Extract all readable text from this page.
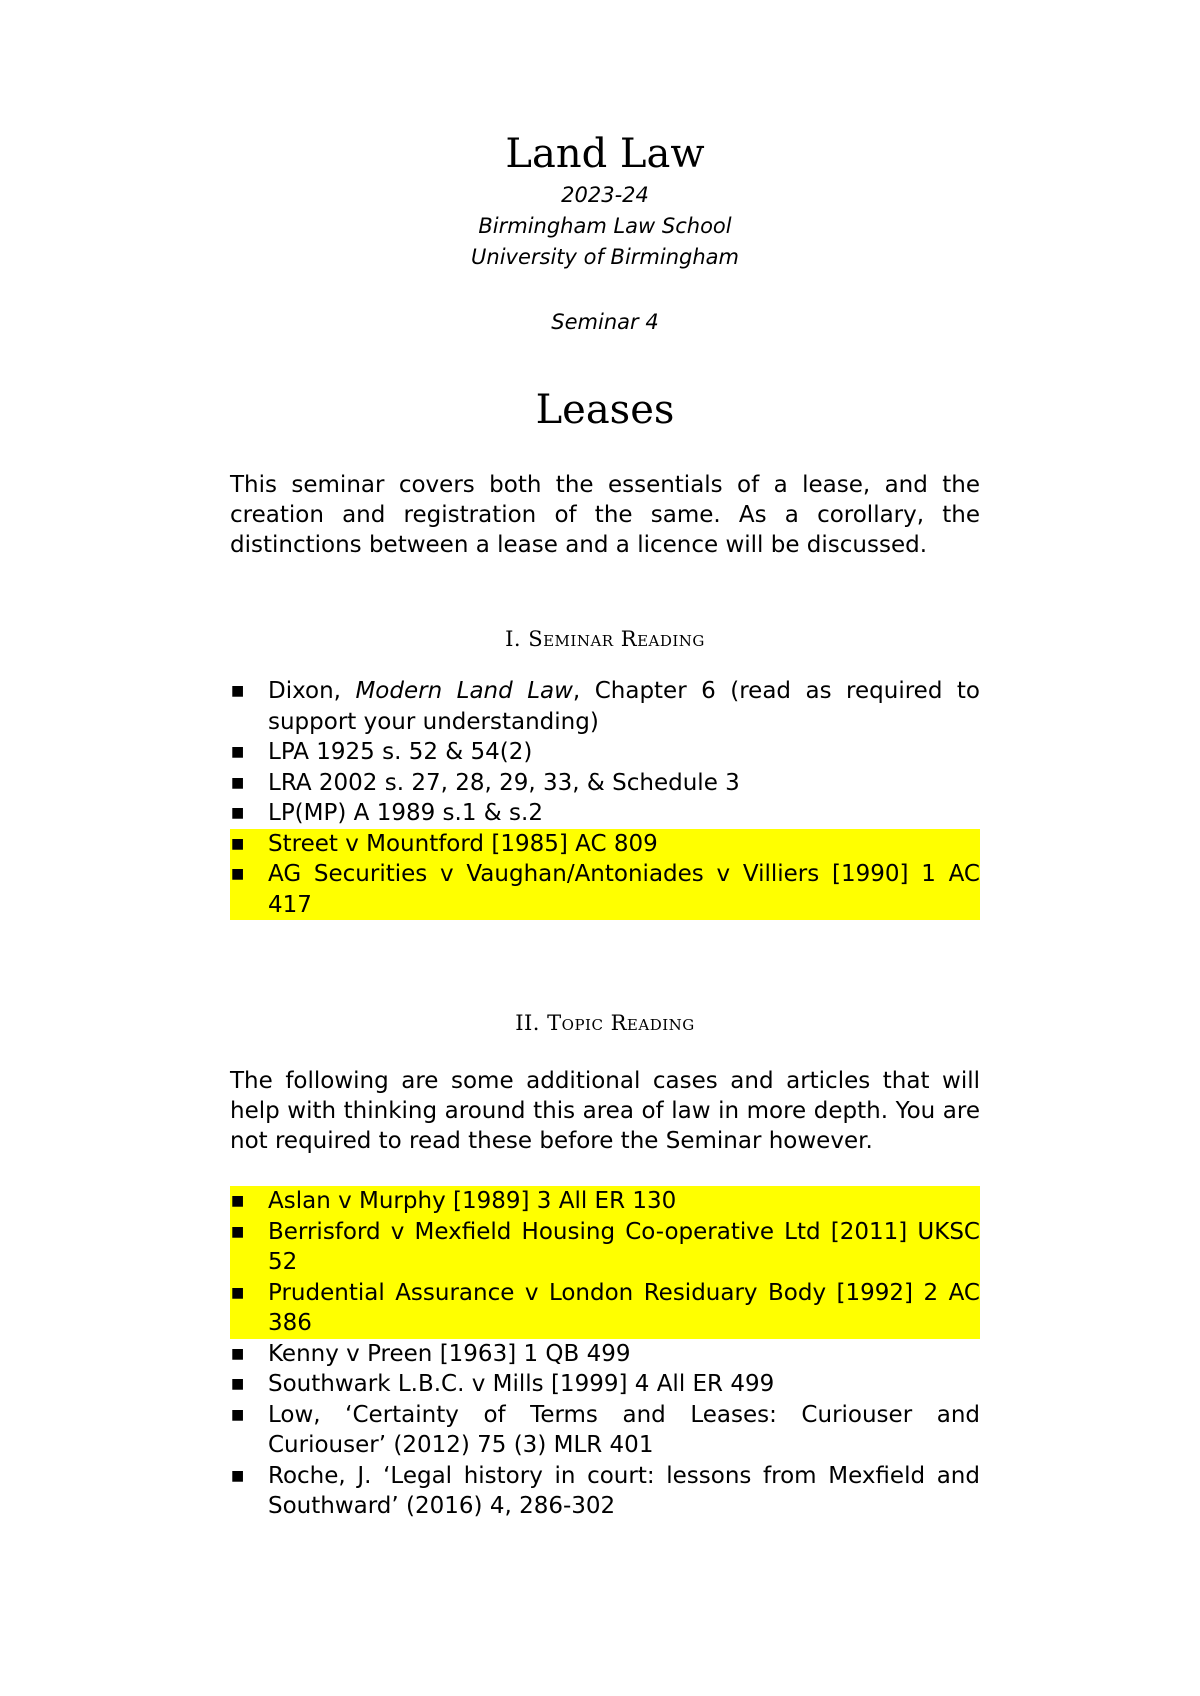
Land Law
2023-24
Birmingham Law School
University of Birmingham
Seminar 4
Leases

This seminar covers both the essentials of a lease, and the creation and registration of the same. As a corollary, the distinctions between a lease and a licence will be discussed.

I. Seminar Reading
■ Dixon, Modern Land Law, Chapter 6 (read as required to support your understanding)
■ LPA 1925 s. 52 & 54(2)
■ LRA 2002 s. 27, 28, 29, 33, & Schedule 3
■ LP(MP) A 1989 s.1 & s.2
■ Street v Mountford [1985] AC 809
■ AG Securities v Vaughan/Antoniades v Villiers [1990] 1 AC 417
II. Topic Reading

The following are some additional cases and articles that will help with thinking around this area of law in more depth. You are not required to read these before the Seminar however.

■ Aslan v Murphy [1989] 3 All ER 130
■ Berrisford v Mexfield Housing Co-operative Ltd [2011] UKSC 52
■ Prudential Assurance v London Residuary Body [1992] 2 AC 386
■ Kenny v Preen [1963] 1 QB 499
■ Southwark L.B.C. v Mills [1999] 4 All ER 499
■ Low, ‘Certainty of Terms and Leases: Curiouser and Curiouser’ (2012) 75 (3) MLR 401
■ Roche, J. ‘Legal history in court: lessons from Mexfield and Southward’ (2016) 4, 286-302
